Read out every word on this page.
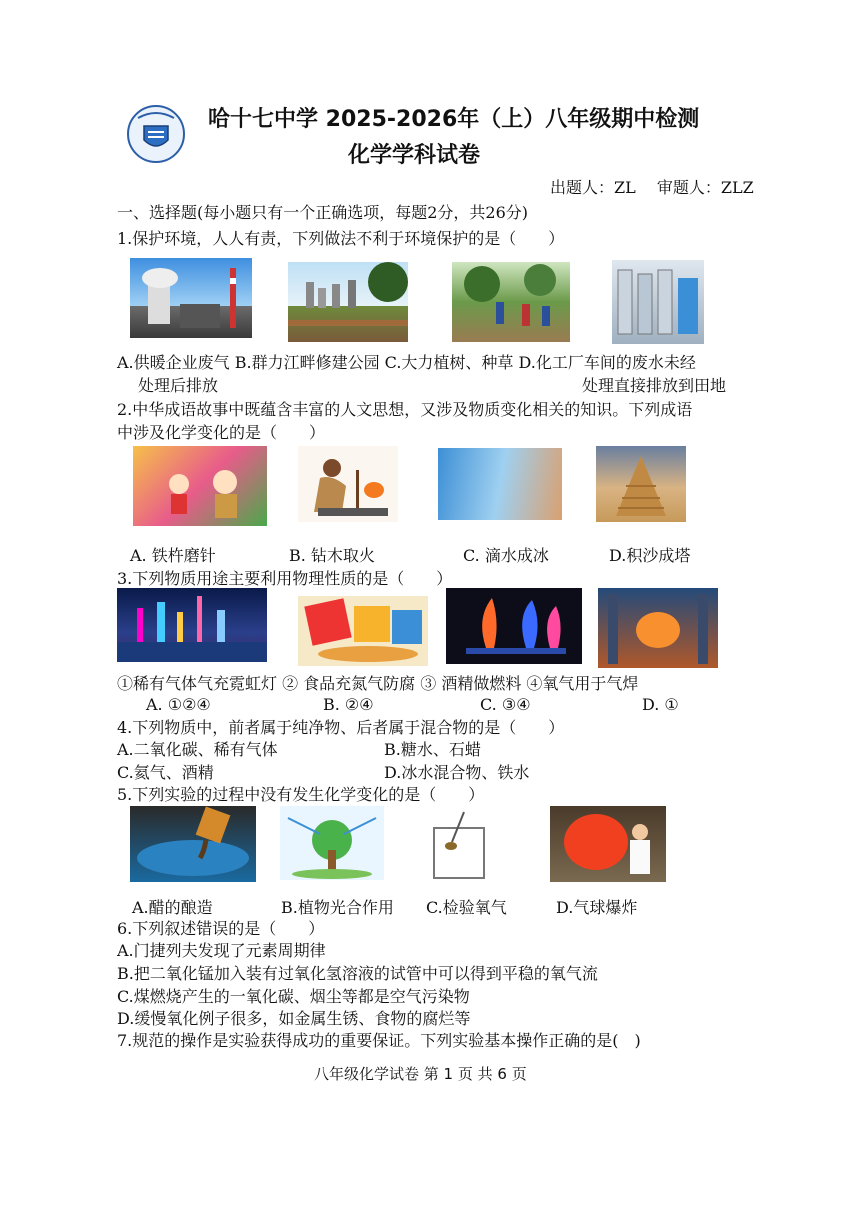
哈十七中学 2025-2026年（上）八年级期中检测
化学学科试卷
出题人：ZL　 审题人：ZLZ
一、选择题(每小题只有一个正确选项，每题2分，共26分)
1.保护环境，人人有责，下列做法不利于环境保护的是（　　）
A.供暖企业废气 B.群力江畔修建公园 C.大力植树、种草 D.化工厂车间的废水未经
处理后排放	处理直接排放到田地
2.中华成语故事中既蕴含丰富的人文思想，又涉及物质变化相关的知识。下列成语
中涉及化学变化的是（　　）
A. 铁杵磨针	B. 钻木取火	C. 滴水成冰	D.积沙成塔
3.下列物质用途主要利用物理性质的是（　　）
①稀有气体气充霓虹灯 ② 食品充氮气防腐 ③ 酒精做燃料 ④氧气用于气焊
A. ①②④	B. ②④	C. ③④	D. ①
4.下列物质中，前者属于纯净物、后者属于混合物的是（　　）
A.二氧化碳、稀有气体	B.糖水、石蜡
C.氦气、酒精	D.冰水混合物、铁水
5.下列实验的过程中没有发生化学变化的是（　　）
A.醋的酿造	B.植物光合作用 C.检验氧气	D.气球爆炸
6.下列叙述错误的是（　　）
A.门捷列夫发现了元素周期律
B.把二氧化锰加入装有过氧化氢溶液的试管中可以得到平稳的氧气流
C.煤燃烧产生的一氧化碳、烟尘等都是空气污染物
D.缓慢氧化例子很多，如金属生锈、食物的腐烂等
7.规范的操作是实验获得成功的重要保证。下列实验基本操作正确的是(　)
八年级化学试卷 第 1 页 共 6 页
